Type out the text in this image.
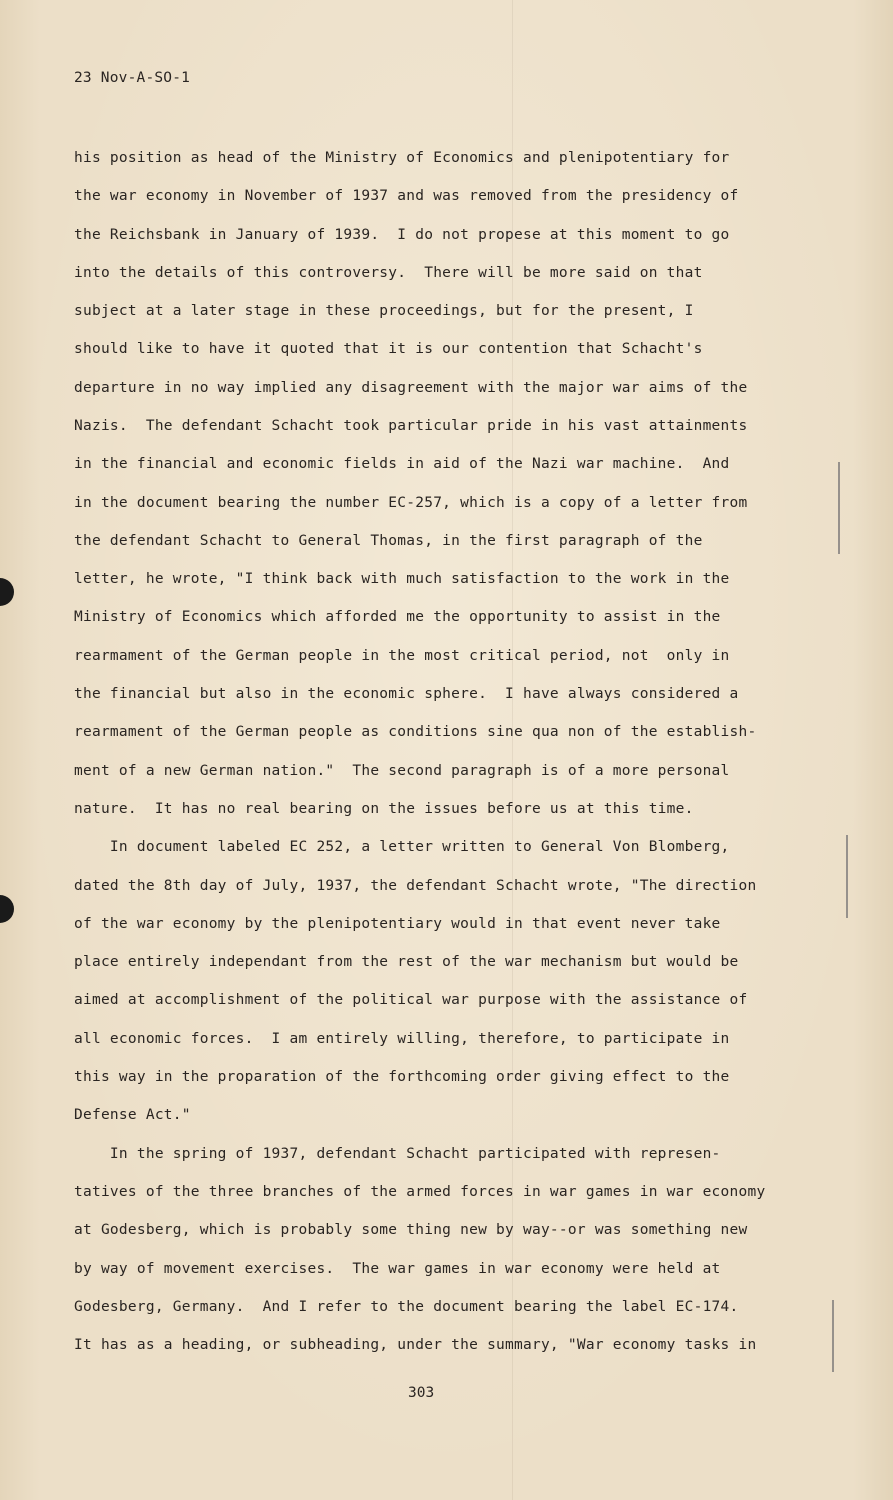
23 Nov-A-SO-1
his position as head of the Ministry of Economics and plenipotentiary for
the war economy in November of 1937 and was removed from the presidency of
the Reichsbank in January of 1939.  I do not propese at this moment to go
into the details of this controversy.  There will be more said on that
subject at a later stage in these proceedings, but for the present, I
should like to have it quoted that it is our contention that Schacht's
departure in no way implied any disagreement with the major war aims of the
Nazis.  The defendant Schacht took particular pride in his vast attainments
in the financial and economic fields in aid of the Nazi war machine.  And
in the document bearing the number EC-257, which is a copy of a letter from
the defendant Schacht to General Thomas, in the first paragraph of the
letter, he wrote, "I think back with much satisfaction to the work in the
Ministry of Economics which afforded me the opportunity to assist in the
rearmament of the German people in the most critical period, not  only in
the financial but also in the economic sphere.  I have always considered a
rearmament of the German people as conditions sine qua non of the establish-
ment of a new German nation."  The second paragraph is of a more personal
nature.  It has no real bearing on the issues before us at this time.
In document labeled EC 252, a letter written to General Von Blomberg,
dated the 8th day of July, 1937, the defendant Schacht wrote, "The direction
of the war economy by the plenipotentiary would in that event never take
place entirely independant from the rest of the war mechanism but would be
aimed at accomplishment of the political war purpose with the assistance of
all economic forces.  I am entirely willing, therefore, to participate in
this way in the proparation of the forthcoming order giving effect to the
Defense Act."
In the spring of 1937, defendant Schacht participated with represen-
tatives of the three branches of the armed forces in war games in war economy
at Godesberg, which is probably some thing new by way--or was something new
by way of movement exercises.  The war games in war economy were held at
Godesberg, Germany.  And I refer to the document bearing the label EC-174.
It has as a heading, or subheading, under the summary, "War economy tasks in
303
